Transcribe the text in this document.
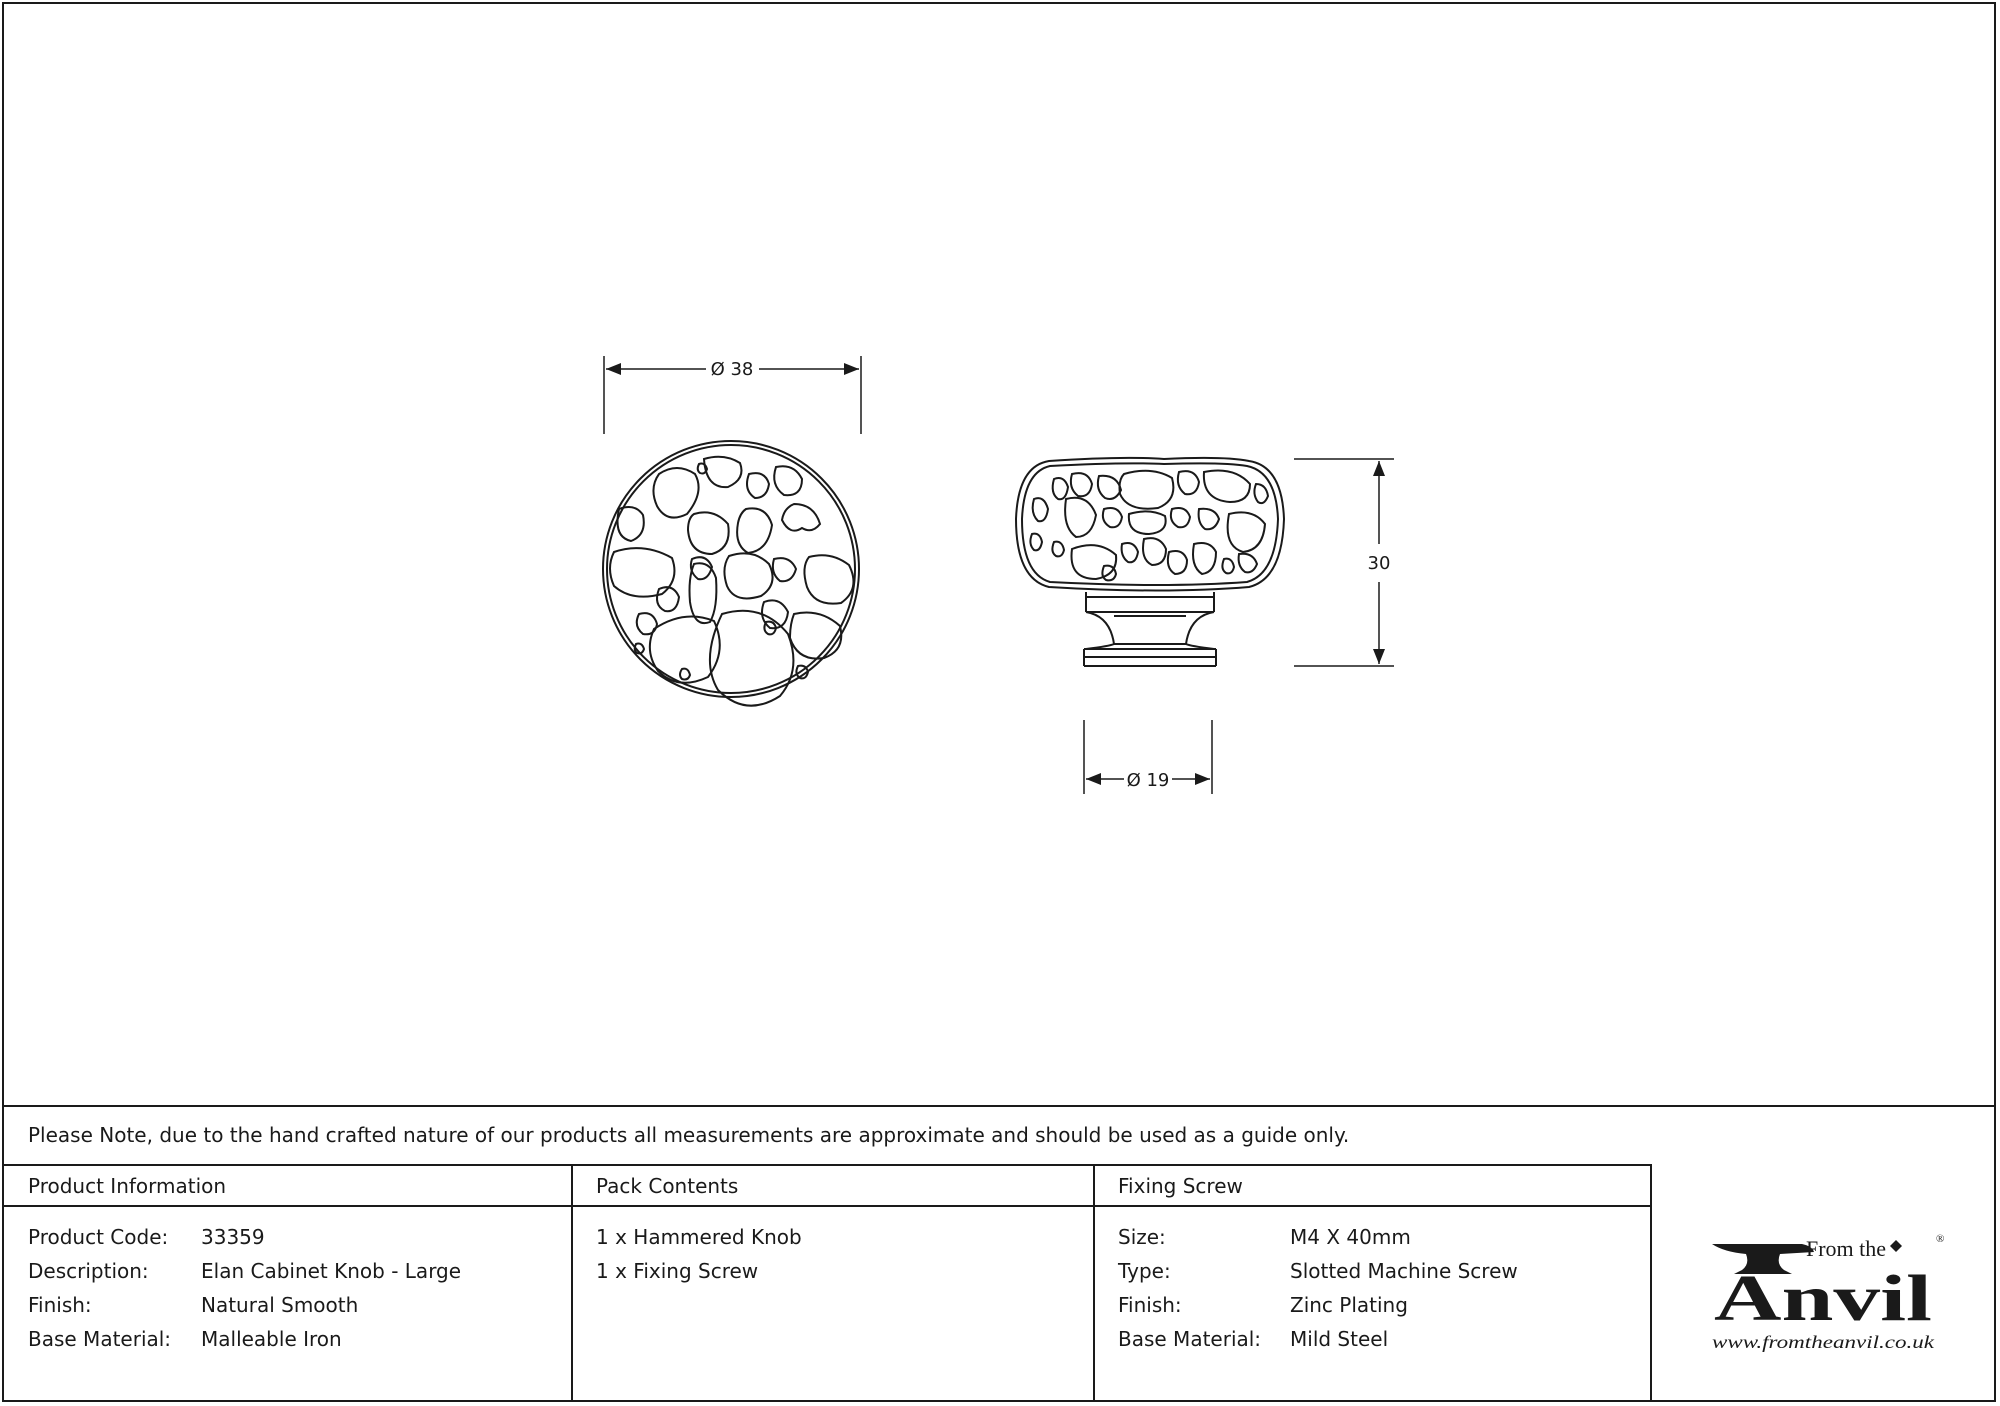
Ø 38
30
Ø 19
Please Note, due to the hand crafted nature of our products all measurements are approximate and should be used as a guide only.
Product Information
Product Code: 33359
Description:	Elan Cabinet Knob - Large
Finish:	Natural Smooth
Base Material: Malleable Iron
Pack Contents
1 x Hammered Knob
1 x Fixing Screw
Fixing Screw
Size:	M4 X 40mm
Type:	Slotted Machine Screw
Finish:	Zinc Plating
Base Material: Mild Steel
From the	®
Anvil
www.fromtheanvil.co.uk
